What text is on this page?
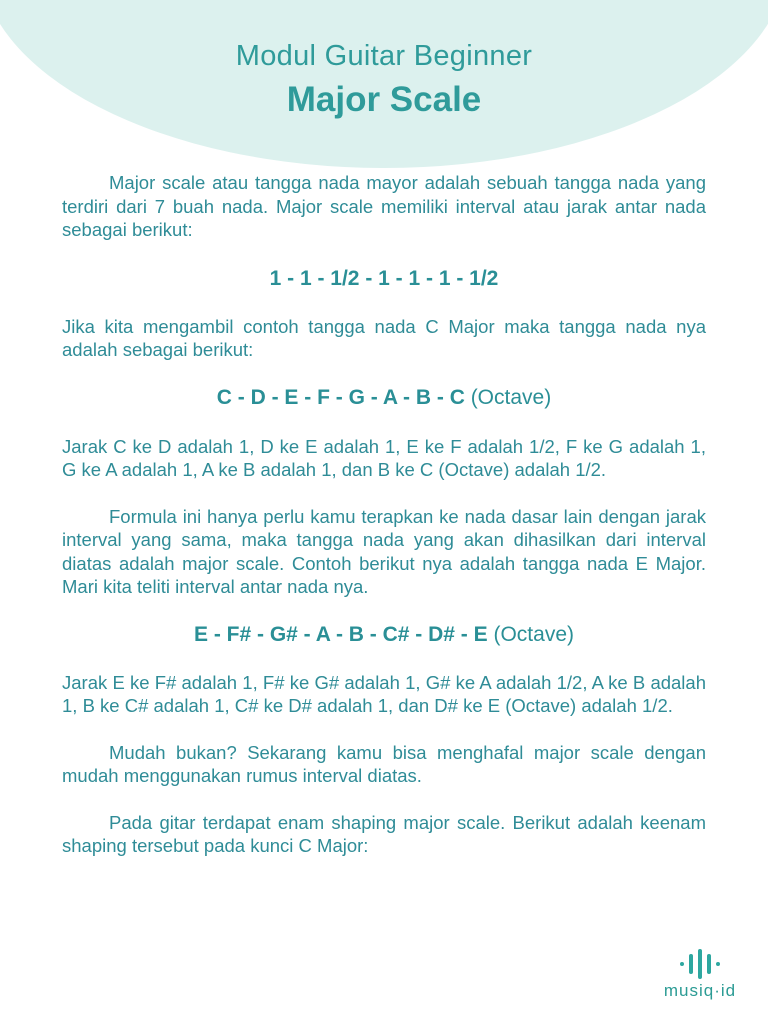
Modul Guitar Beginner
Major Scale

Major scale atau tangga nada mayor adalah sebuah tangga nada yang terdiri dari 7 buah nada. Major scale memiliki interval atau jarak antar nada sebagai berikut:

1 - 1 - 1/2 - 1 - 1 - 1 - 1/2

Jika kita mengambil contoh tangga nada C Major maka tangga nada nya adalah sebagai berikut:

C - D - E - F - G - A - B - C (Octave)

Jarak C ke D adalah 1, D ke E adalah 1, E ke F adalah 1/2, F ke G adalah 1, G ke A adalah 1, A ke B adalah 1, dan B ke C (Octave) adalah 1/2.

Formula ini hanya perlu kamu terapkan ke nada dasar lain dengan jarak interval yang sama, maka tangga nada yang akan dihasilkan dari interval diatas adalah major scale. Contoh berikut nya adalah tangga nada E Major. Mari kita teliti interval antar nada nya.

E - F# - G# - A - B - C# - D# - E (Octave)

Jarak E ke F# adalah 1, F# ke G# adalah 1, G# ke A adalah 1/2, A ke B adalah 1, B ke C# adalah 1, C# ke D# adalah 1, dan D# ke E (Octave) adalah 1/2.

Mudah bukan? Sekarang kamu bisa menghafal major scale dengan mudah menggunakan rumus interval diatas.

Pada gitar terdapat enam shaping major scale. Berikut adalah keenam shaping tersebut pada kunci C Major:

musiq·id
